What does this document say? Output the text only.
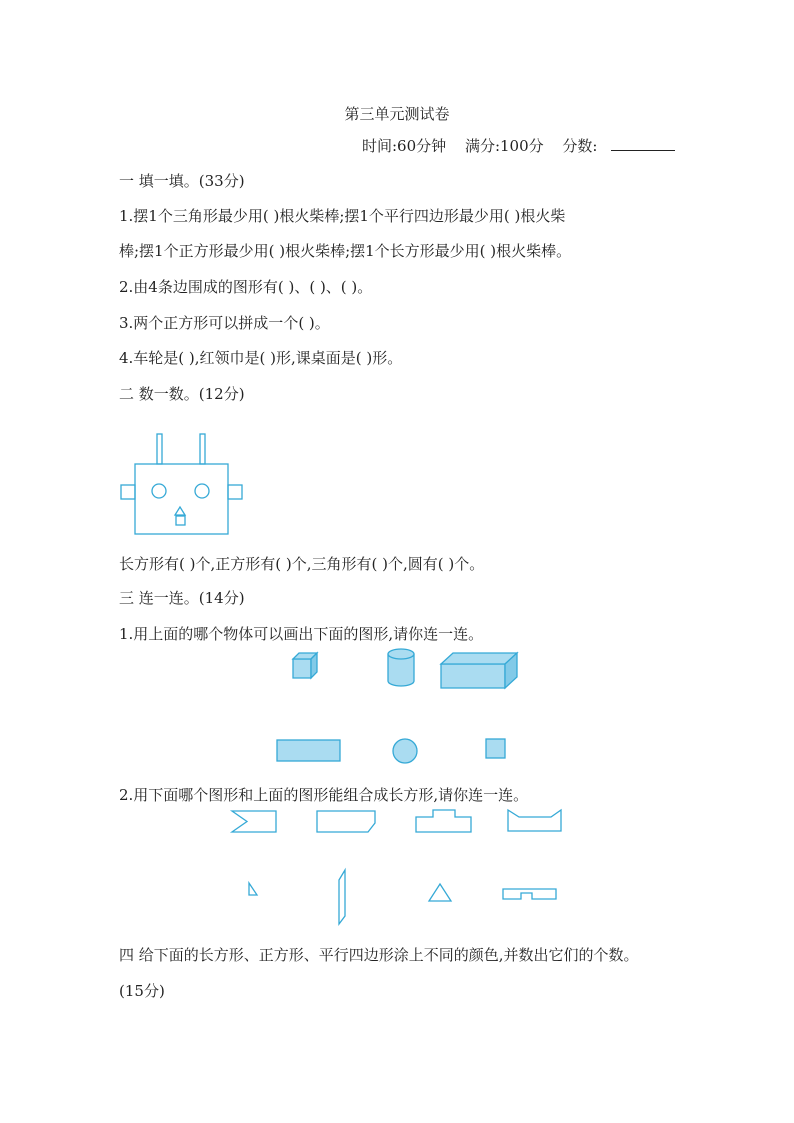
第三单元测试卷
时间:60分钟 满分:100分 分数:
一 填一填。(33分)
1.摆1个三角形最少用( )根火柴棒;摆1个平行四边形最少用( )根火柴
棒;摆1个正方形最少用( )根火柴棒;摆1个长方形最少用( )根火柴棒。
2.由4条边围成的图形有( )、( )、( )。
3.两个正方形可以拼成一个( )。
4.车轮是( ),红领巾是( )形,课桌面是( )形。
二 数一数。(12分)
长方形有( )个,正方形有( )个,三角形有( )个,圆有( )个。
三 连一连。(14分)
1.用上面的哪个物体可以画出下面的图形,请你连一连。
2.用下面哪个图形和上面的图形能组合成长方形,请你连一连。
四 给下面的长方形、正方形、平行四边形涂上不同的颜色,并数出它们的个数。
(15分)
